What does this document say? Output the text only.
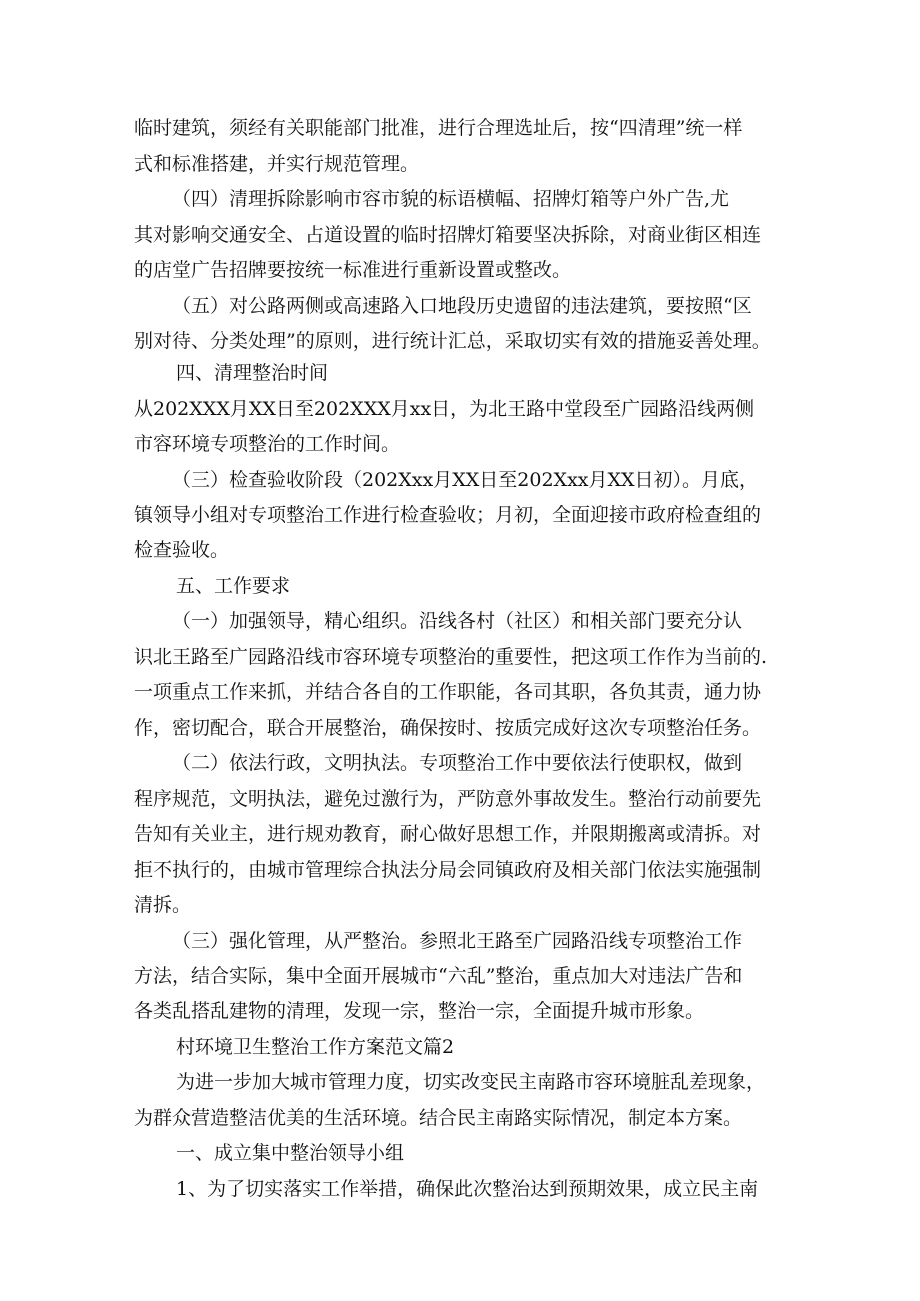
临时建筑，须经有关职能部门批准，进行合理选址后，按“四清理”统一样
式和标准搭建，并实行规范管理。
（四）清理拆除影响市容市貌的标语横幅、招牌灯箱等户外广告,尤
其对影响交通安全、占道设置的临时招牌灯箱要坚决拆除，对商业街区相连
的店堂广告招牌要按统一标准进行重新设置或整改。
（五）对公路两侧或高速路入口地段历史遗留的违法建筑，要按照“区
别对待、分类处理”的原则，进行统计汇总，采取切实有效的措施妥善处理。
四、清理整治时间
从202XXX月XX日至202XXX月xx日，为北王路中堂段至广园路沿线两侧
市容环境专项整治的工作时间。
（三）检查验收阶段（202Xxx月XX日至202Xxx月XX日初）。月底，
镇领导小组对专项整治工作进行检查验收；月初，全面迎接市政府检查组的
检查验收。
五、工作要求
（一）加强领导，精心组织。沿线各村（社区）和相关部门要充分认
识北王路至广园路沿线市容环境专项整治的重要性，把这项工作作为当前的.
一项重点工作来抓，并结合各自的工作职能，各司其职，各负其责，通力协
作，密切配合，联合开展整治，确保按时、按质完成好这次专项整治任务。
（二）依法行政，文明执法。专项整治工作中要依法行使职权，做到
程序规范，文明执法，避免过激行为，严防意外事故发生。整治行动前要先
告知有关业主，进行规劝教育，耐心做好思想工作，并限期搬离或清拆。对
拒不执行的，由城市管理综合执法分局会同镇政府及相关部门依法实施强制
清拆。
（三）强化管理，从严整治。参照北王路至广园路沿线专项整治工作
方法，结合实际，集中全面开展城市“六乱”整治，重点加大对违法广告和
各类乱搭乱建物的清理，发现一宗，整治一宗，全面提升城市形象。
村环境卫生整治工作方案范文篇2
为进一步加大城市管理力度，切实改变民主南路市容环境脏乱差现象，
为群众营造整洁优美的生活环境。结合民主南路实际情况，制定本方案。
一、成立集中整治领导小组
1、为了切实落实工作举措，确保此次整治达到预期效果，成立民主南
